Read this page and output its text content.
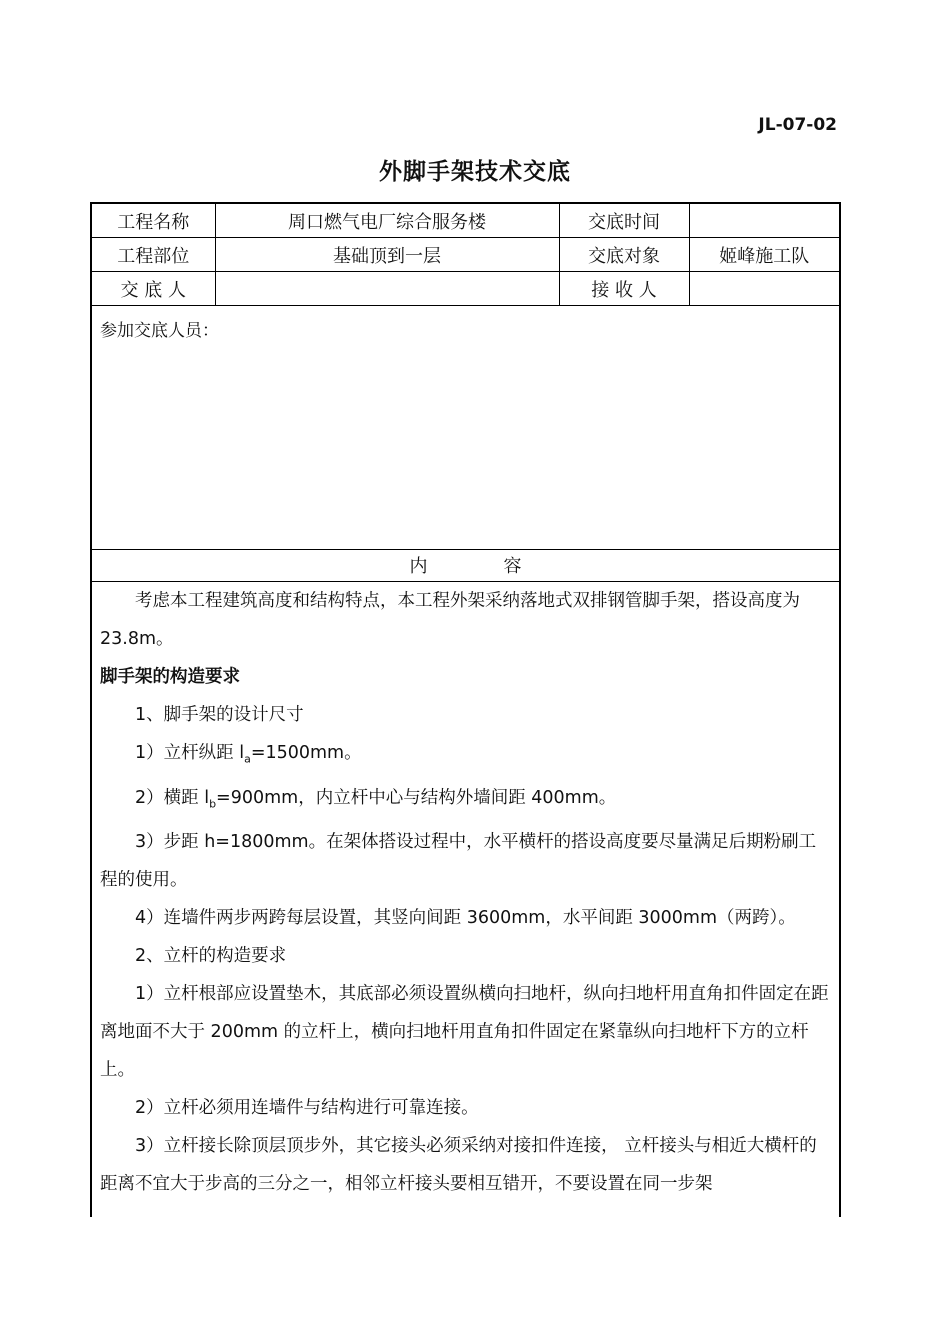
JL-07-02
外脚手架技术交底
工程名称	周口燃气电厂综合服务楼	交底时间	
工程部位	基础顶到一层	交底对象	姬峰施工队
交 底 人		接 收 人	
参加交底人员：
内	容

考虑本工程建筑高度和结构特点，本工程外架采纳落地式双排钢管脚手架，搭设高度为 23.8m。

脚手架的构造要求

1、脚手架的设计尺寸

1）立杆纵距 $l_a=1500mm$。

2）横距 $l_b=900mm$，内立杆中心与结构外墙间距 400mm。

3）步距 h=1800mm。在架体搭设过程中，水平横杆的搭设高度要尽量满足后期粉刷工程的使用。

4）连墙件两步两跨每层设置，其竖向间距 3600mm，水平间距 3000mm（两跨）。

2、立杆的构造要求

1）立杆根部应设置垫木，其底部必须设置纵横向扫地杆，纵向扫地杆用直角扣件固定在距离地面不大于 200mm 的立杆上，横向扫地杆用直角扣件固定在紧靠纵向扫地杆下方的立杆上。

2）立杆必须用连墙件与结构进行可靠连接。

3）立杆接长除顶层顶步外，其它接头必须采纳对接扣件连接， 立杆接头与相近大横杆的距离不宜大于步高的三分之一，相邻立杆接头要相互错开，不要设置在同一步架
